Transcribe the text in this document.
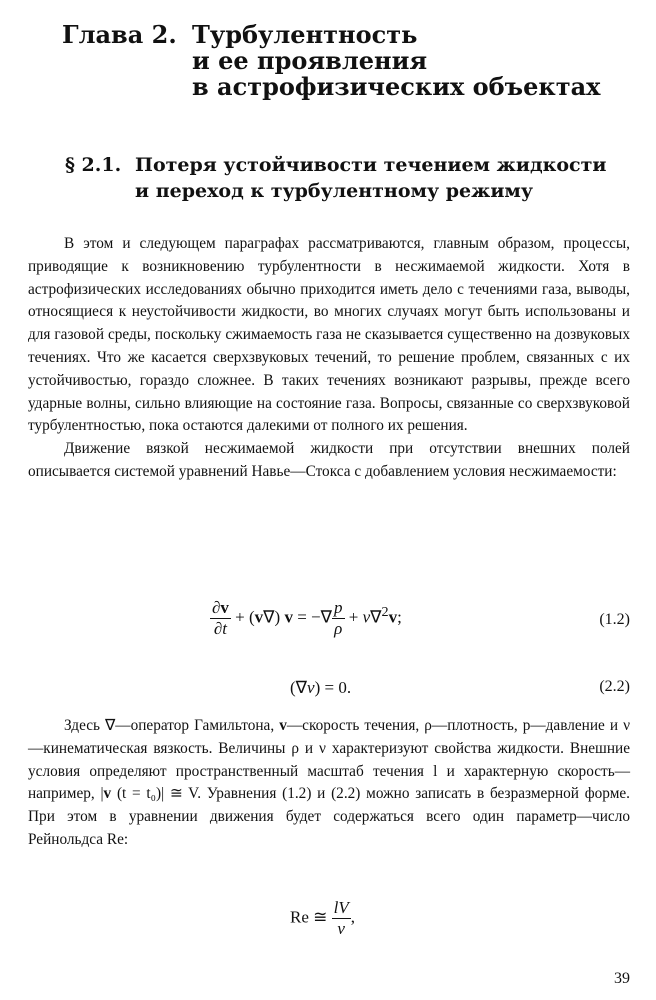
Глава 2. Турбулентность
и ее проявления
в астрофизических объектах
§ 2.1. Потеря устойчивости течением жидкости
и переход к турбулентному режиму

В этом и следующем параграфах рассматриваются, главным образом, процессы, приводящие к возникновению турбулентности в несжимаемой жидкости. Хотя в астрофизических исследованиях обычно приходится иметь дело с течениями газа, выводы, относящиеся к неустойчивости жидкости, во многих случаях могут быть использованы и для газовой среды, поскольку сжимаемость газа не сказывается существенно на дозвуковых течениях. Что же касается сверхзвуковых течений, то решение проблем, связанных с их устойчивостью, гораздо сложнее. В таких течениях возникают разрывы, прежде всего ударные волны, сильно влияющие на состояние газа. Вопросы, связанные со сверхзвуковой турбулентностью, пока остаются далекими от полного их решения.

Движение вязкой несжимаемой жидкости при отсутствии внешних полей описывается системой уравнений Навье—Стокса с добавлением условия несжимаемости:

$\frac{\partial v}{\partial t} + (v\nabla) v$ = −∇ $\frac{p}{\rho} + \nu\nabla^2v$;	(1.2)
(∇v) = 0.	(2.2)

Здесь ∇—оператор Гамильтона, v—скорость течения, ρ—плотность, p—давление и ν—кинематическая вязкость. Величины ρ и ν характеризуют свойства жидкости. Внешние условия определяют пространственный масштаб течения l и характерную скорость—например, |v (t = t₀)| ≅ V. Уравнения (1.2) и (2.2) можно записать в безразмерной форме. При этом в уравнении движения будет содержаться всего один параметр—число Рейнольдса Re:

Re ≅ $\frac{lV}{\nu}$ ,
39
